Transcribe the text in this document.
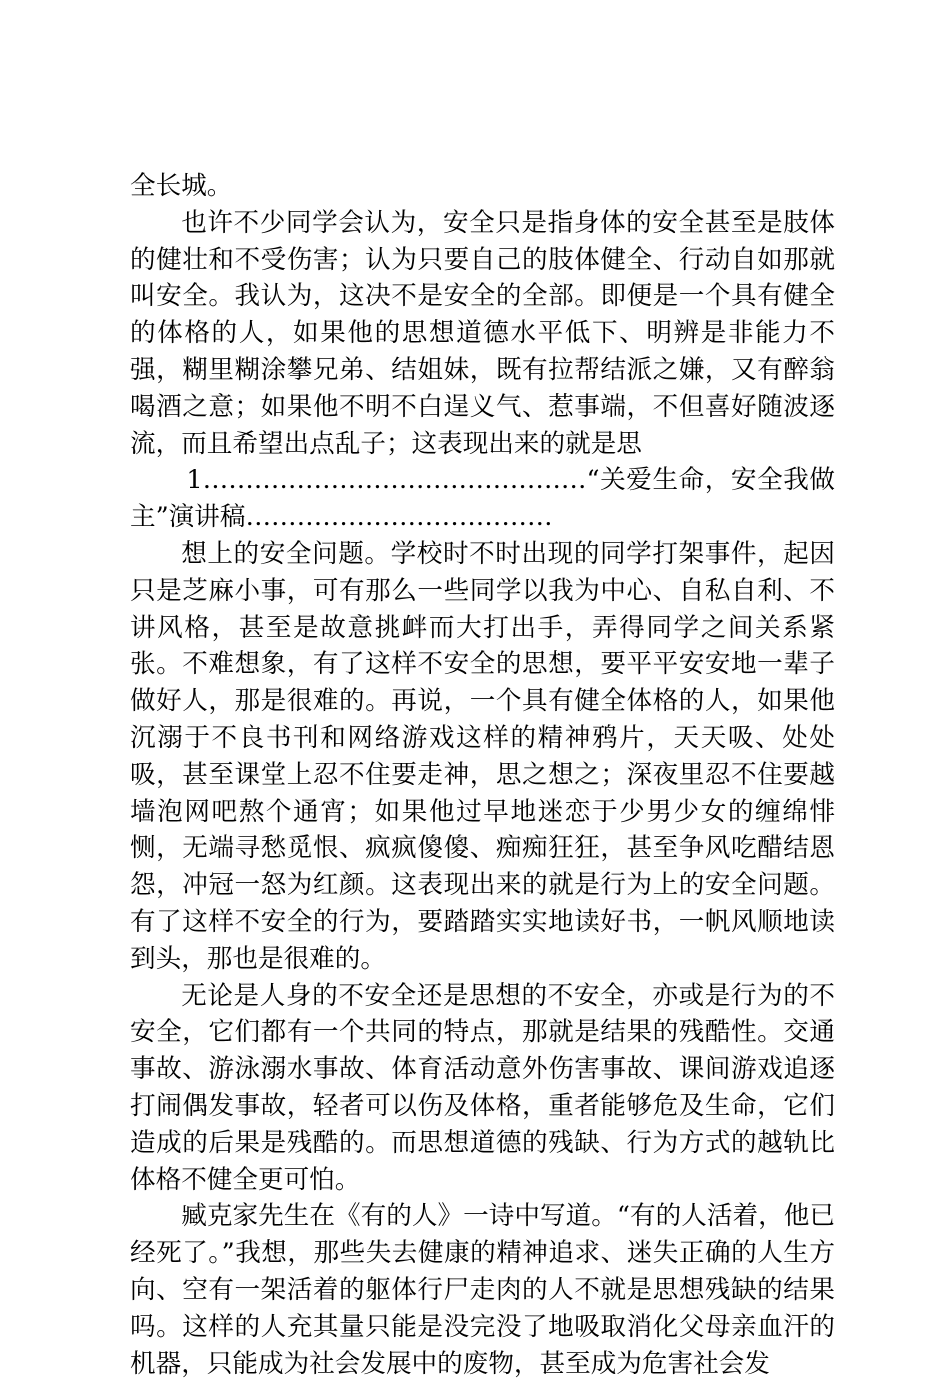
全长城。

也许不少同学会认为，安全只是指身体的安全甚至是肢体的健壮和不受伤害；认为只要自己的肢体健全、行动自如那就叫安全。我认为，这决不是安全的全部。即便是一个具有健全的体格的人，如果他的思想道德水平低下、明辨是非能力不强，糊里糊涂攀兄弟、结姐妹，既有拉帮结派之嫌，又有醉翁喝酒之意；如果他不明不白逞义气、惹事端，不但喜好随波逐流，而且希望出点乱子；这表现出来的就是思

1………………………………………“关爱生命，安全我做主”演讲稿………………………………

想上的安全问题。学校时不时出现的同学打架事件，起因只是芝麻小事，可有那么一些同学以我为中心、自私自利、不讲风格，甚至是故意挑衅而大打出手，弄得同学之间关系紧张。不难想象，有了这样不安全的思想，要平平安安地一辈子做好人，那是很难的。再说，一个具有健全体格的人，如果他沉溺于不良书刊和网络游戏这样的精神鸦片，天天吸、处处吸，甚至课堂上忍不住要走神，思之想之；深夜里忍不住要越墙泡网吧熬个通宵；如果他过早地迷恋于少男少女的缠绵悱恻，无端寻愁觅恨、疯疯傻傻、痴痴狂狂，甚至争风吃醋结恩怨，冲冠一怒为红颜。这表现出来的就是行为上的安全问题。有了这样不安全的行为，要踏踏实实地读好书，一帆风顺地读到头，那也是很难的。

无论是人身的不安全还是思想的不安全，亦或是行为的不安全，它们都有一个共同的特点，那就是结果的残酷性。交通事故、游泳溺水事故、体育活动意外伤害事故、课间游戏追逐打闹偶发事故，轻者可以伤及体格，重者能够危及生命，它们造成的后果是残酷的。而思想道德的残缺、行为方式的越轨比体格不健全更可怕。

臧克家先生在《有的人》一诗中写道。“有的人活着，他已经死了。”我想，那些失去健康的精神追求、迷失正确的人生方向、空有一架活着的躯体行尸走肉的人不就是思想残缺的结果吗。这样的人充其量只能是没完没了地吸取消化父母亲血汗的机器，只能成为社会发展中的废物，甚至成为危害社会发
